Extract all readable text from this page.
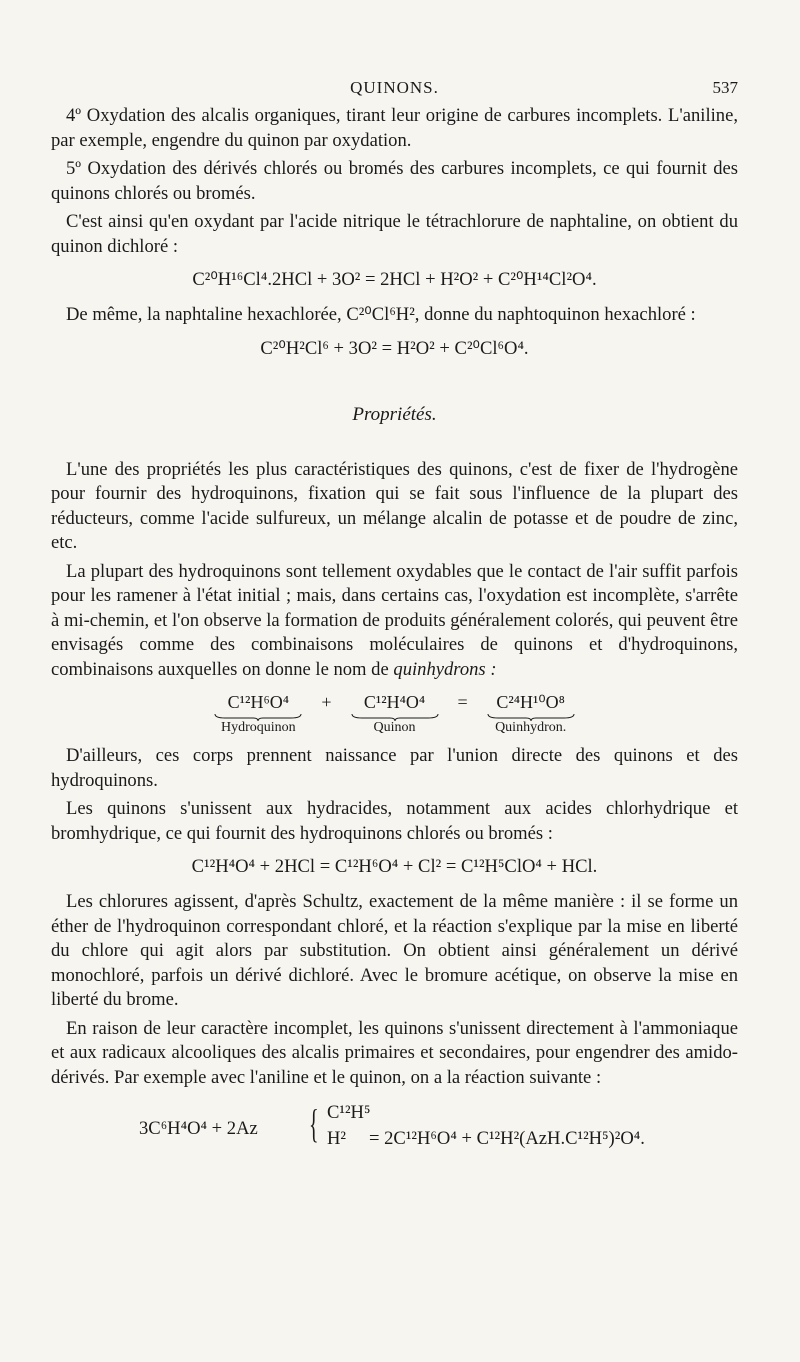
QUINONS.	537

4º Oxydation des alcalis organiques, tirant leur origine de carbures incomplets. L'aniline, par exemple, engendre du quinon par oxydation.

5º Oxydation des dérivés chlorés ou bromés des carbures incomplets, ce qui fournit des quinons chlorés ou bromés.

C'est ainsi qu'en oxydant par l'acide nitrique le tétrachlorure de naphtaline, on obtient du quinon dichloré :

C²⁰H¹⁶Cl⁴.2HCl + 3O² = 2HCl + H²O² + C²⁰H¹⁴Cl²O⁴.

De même, la naphtaline hexachlorée, C²⁰Cl⁶H², donne du naphtoquinon hexachloré :

C²⁰H²Cl⁶ + 3O² = H²O² + C²⁰Cl⁶O⁴.
Propriétés.

L'une des propriétés les plus caractéristiques des quinons, c'est de fixer de l'hydrogène pour fournir des hydroquinons, fixation qui se fait sous l'influence de la plupart des réducteurs, comme l'acide sulfureux, un mélange alcalin de potasse et de poudre de zinc, etc.

La plupart des hydroquinons sont tellement oxydables que le contact de l'air suffit parfois pour les ramener à l'état initial ; mais, dans certains cas, l'oxydation est incomplète, s'arrête à mi-chemin, et l'on observe la formation de produits généralement colorés, qui peuvent être envisagés comme des combinaisons moléculaires de quinons et d'hydroquinons, combinaisons auxquelles on donne le nom de quinhydrons :

C¹²H⁶O⁴
Hydroquinon
+ C¹²H⁴O⁴
Quinon
= C²⁴H¹⁰O⁸
Quinhydron.

D'ailleurs, ces corps prennent naissance par l'union directe des quinons et des hydroquinons.

Les quinons s'unissent aux hydracides, notamment aux acides chlorhydrique et bromhydrique, ce qui fournit des hydroquinons chlorés ou bromés :

C¹²H⁴O⁴ + 2HCl = C¹²H⁶O⁴ + Cl² = C¹²H⁵ClO⁴ + HCl.

Les chlorures agissent, d'après Schultz, exactement de la même manière : il se forme un éther de l'hydroquinon correspondant chloré, et la réaction s'explique par la mise en liberté du chlore qui agit alors par substitution. On obtient ainsi généralement un dérivé monochloré, parfois un dérivé dichloré. Avec le bromure acétique, on observe la mise en liberté du brome.

En raison de leur caractère incomplet, les quinons s'unissent directement à l'ammoniaque et aux radicaux alcooliques des alcalis primaires et secondaires, pour engendrer des amido-dérivés. Par exemple avec l'aniline et le quinon, on a la réaction suivante :

3C⁶H⁴O⁴ + 2Az { C¹²H⁵
H² = 2C¹²H⁶O⁴ + C¹²H²(AzH.C¹²H⁵)²O⁴.
